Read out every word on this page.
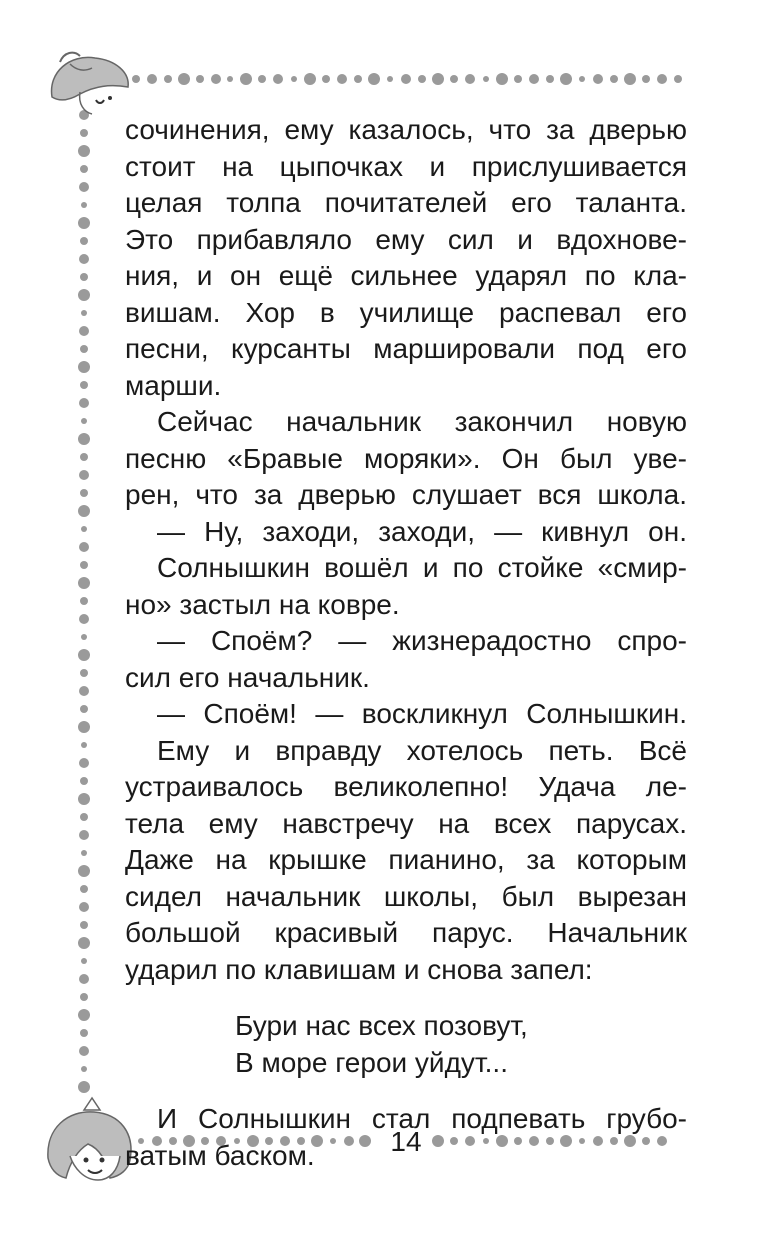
сочинения, ему казалось, что за дверью
стоит на цыпочках и прислушивается
целая толпа почитателей его таланта.
Это прибавляло ему сил и вдохнове-
ния, и он ещё сильнее ударял по кла-
вишам. Хор в училище распевал его
песни, курсанты маршировали под его
марши.
Сейчас начальник закончил новую
песню «Бравые моряки». Он был уве-
рен, что за дверью слушает вся школа.
— Ну, заходи, заходи, — кивнул он.
Солнышкин вошёл и по стойке «смир-
но» застыл на ковре.
— Споём? — жизнерадостно спро-
сил его начальник.
— Споём! — воскликнул Солнышкин.
Ему и вправду хотелось петь. Всё
устраивалось великолепно! Удача ле-
тела ему навстречу на всех парусах.
Даже на крышке пианино, за которым
сидел начальник школы, был вырезан
большой красивый парус. Начальник
ударил по клавишам и снова запел:
Бури нас всех позовут,
В море герои уйдут...
И Солнышкин стал подпевать грубо-
ватым баском.	14
